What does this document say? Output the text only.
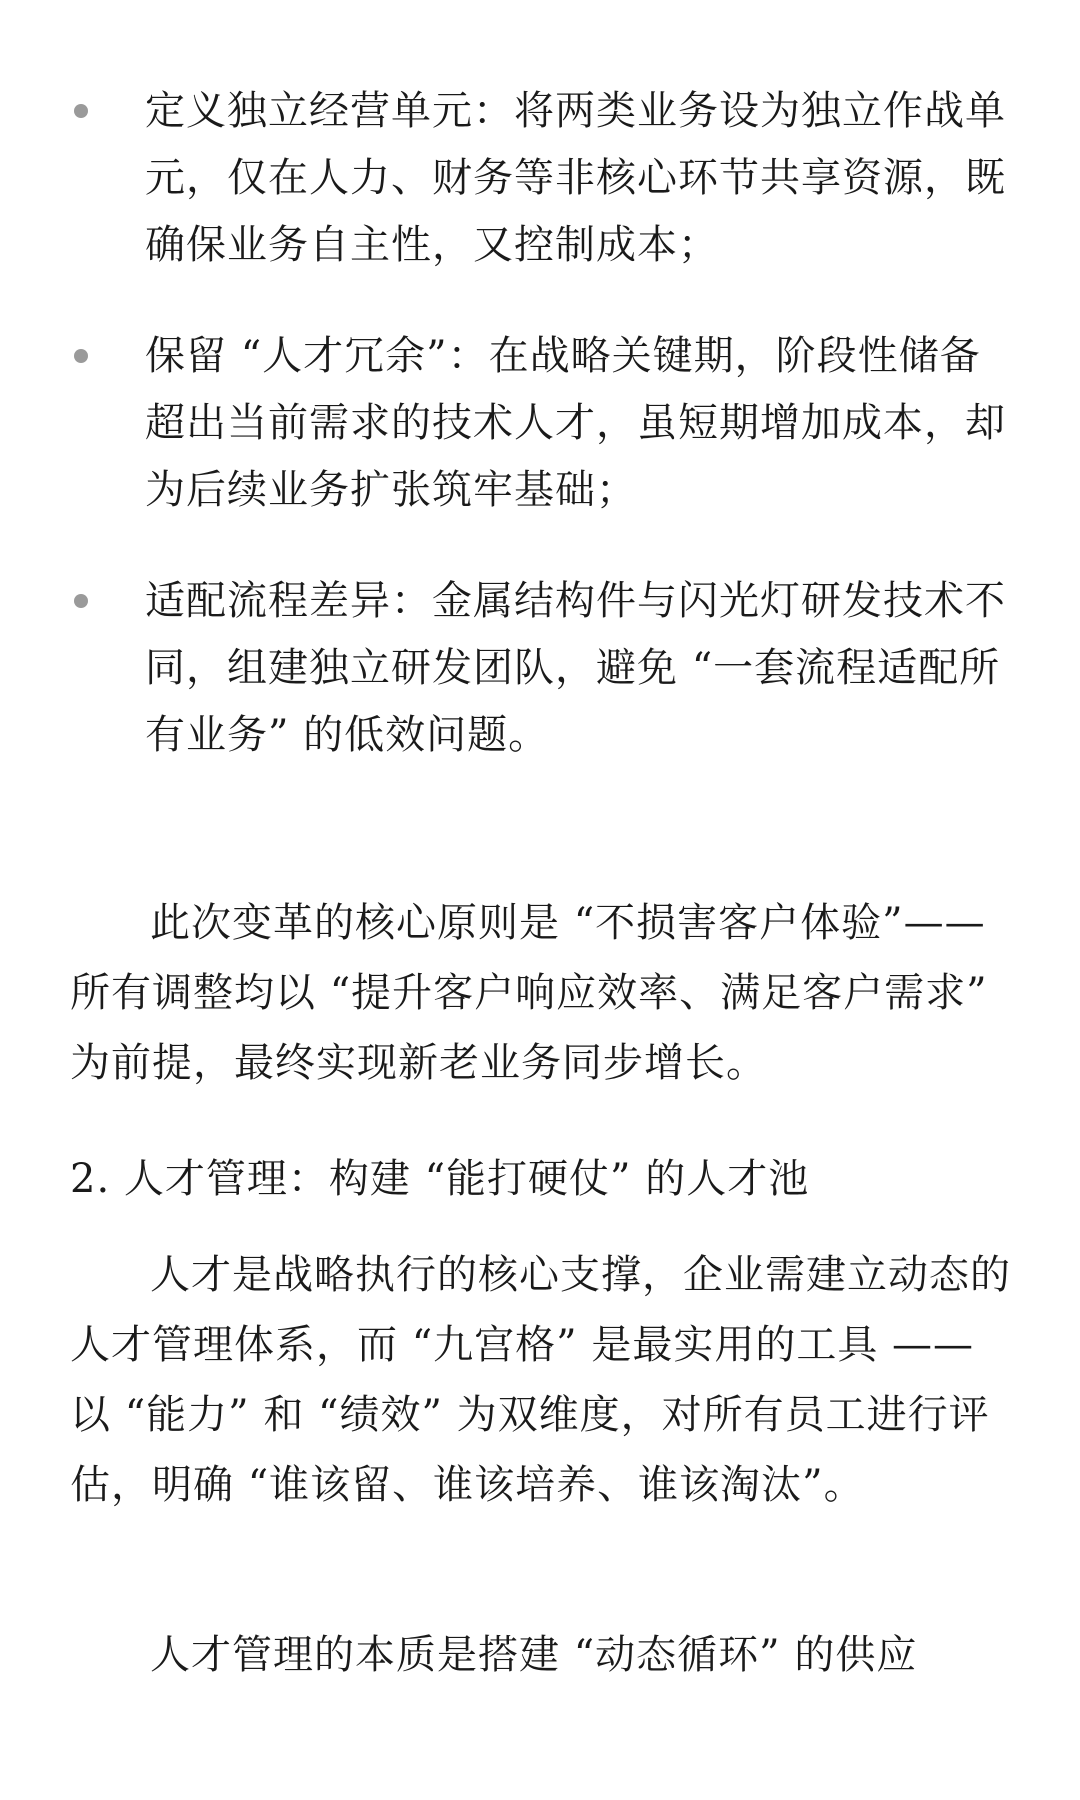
定义独立经营单元：将两类业务设为独立作战单元，仅在人力、财务等非核心环节共享资源，既确保业务自主性，又控制成本；
保留 “人才冗余”：在战略关键期，阶段性储备超出当前需求的技术人才，虽短期增加成本，却为后续业务扩张筑牢基础；
适配流程差异：金属结构件与闪光灯研发技术不同，组建独立研发团队，避免 “一套流程适配所有业务” 的低效问题。

此次变革的核心原则是 “不损害客户体验”—— 所有调整均以 “提升客户响应效率、满足客户需求” 为前提，最终实现新老业务同步增长。

2. 人才管理：构建 “能打硬仗” 的人才池

人才是战略执行的核心支撑，企业需建立动态的人才管理体系，而 “九宫格” 是最实用的工具 —— 以 “能力” 和 “绩效” 为双维度，对所有员工进行评估，明确 “谁该留、谁该培养、谁该淘汰”。

人才管理的本质是搭建 “动态循环” 的供应
